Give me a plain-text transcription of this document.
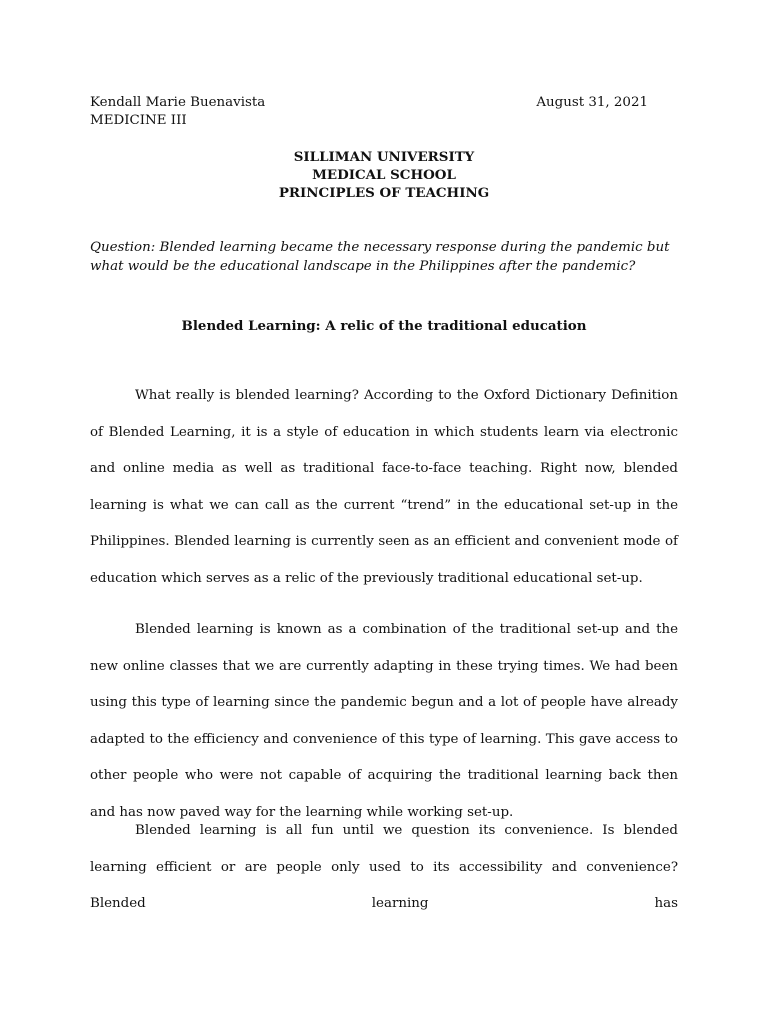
Kendall Marie Buenavista
MEDICINE III
August 31, 2021
SILLIMAN UNIVERSITY
MEDICAL SCHOOL
PRINCIPLES OF TEACHING
Question: Blended learning became the necessary response during the pandemic but what would be the educational landscape in the Philippines after the pandemic?
Blended Learning: A relic of the traditional education

What really is blended learning? According to the Oxford Dictionary Definition of Blended Learning, it is a style of education in which students learn via electronic and online media as well as traditional face-to-face teaching. Right now, blended learning is what we can call as the current “trend” in the educational set-up in the Philippines. Blended learning is currently seen as an efficient and convenient mode of education which serves as a relic of the previously traditional educational set-up.

Blended learning is known as a combination of the traditional set-up and the new online classes that we are currently adapting in these trying times. We had been using this type of learning since the pandemic begun and a lot of people have already adapted to the efficiency and convenience of this type of learning. This gave access to other people who were not capable of acquiring the traditional learning back then and has now paved way for the learning while working set-up.

Blended learning is all fun until we question its convenience. Is blended learning efficient or are people only used to its accessibility and convenience? Blended learning has
